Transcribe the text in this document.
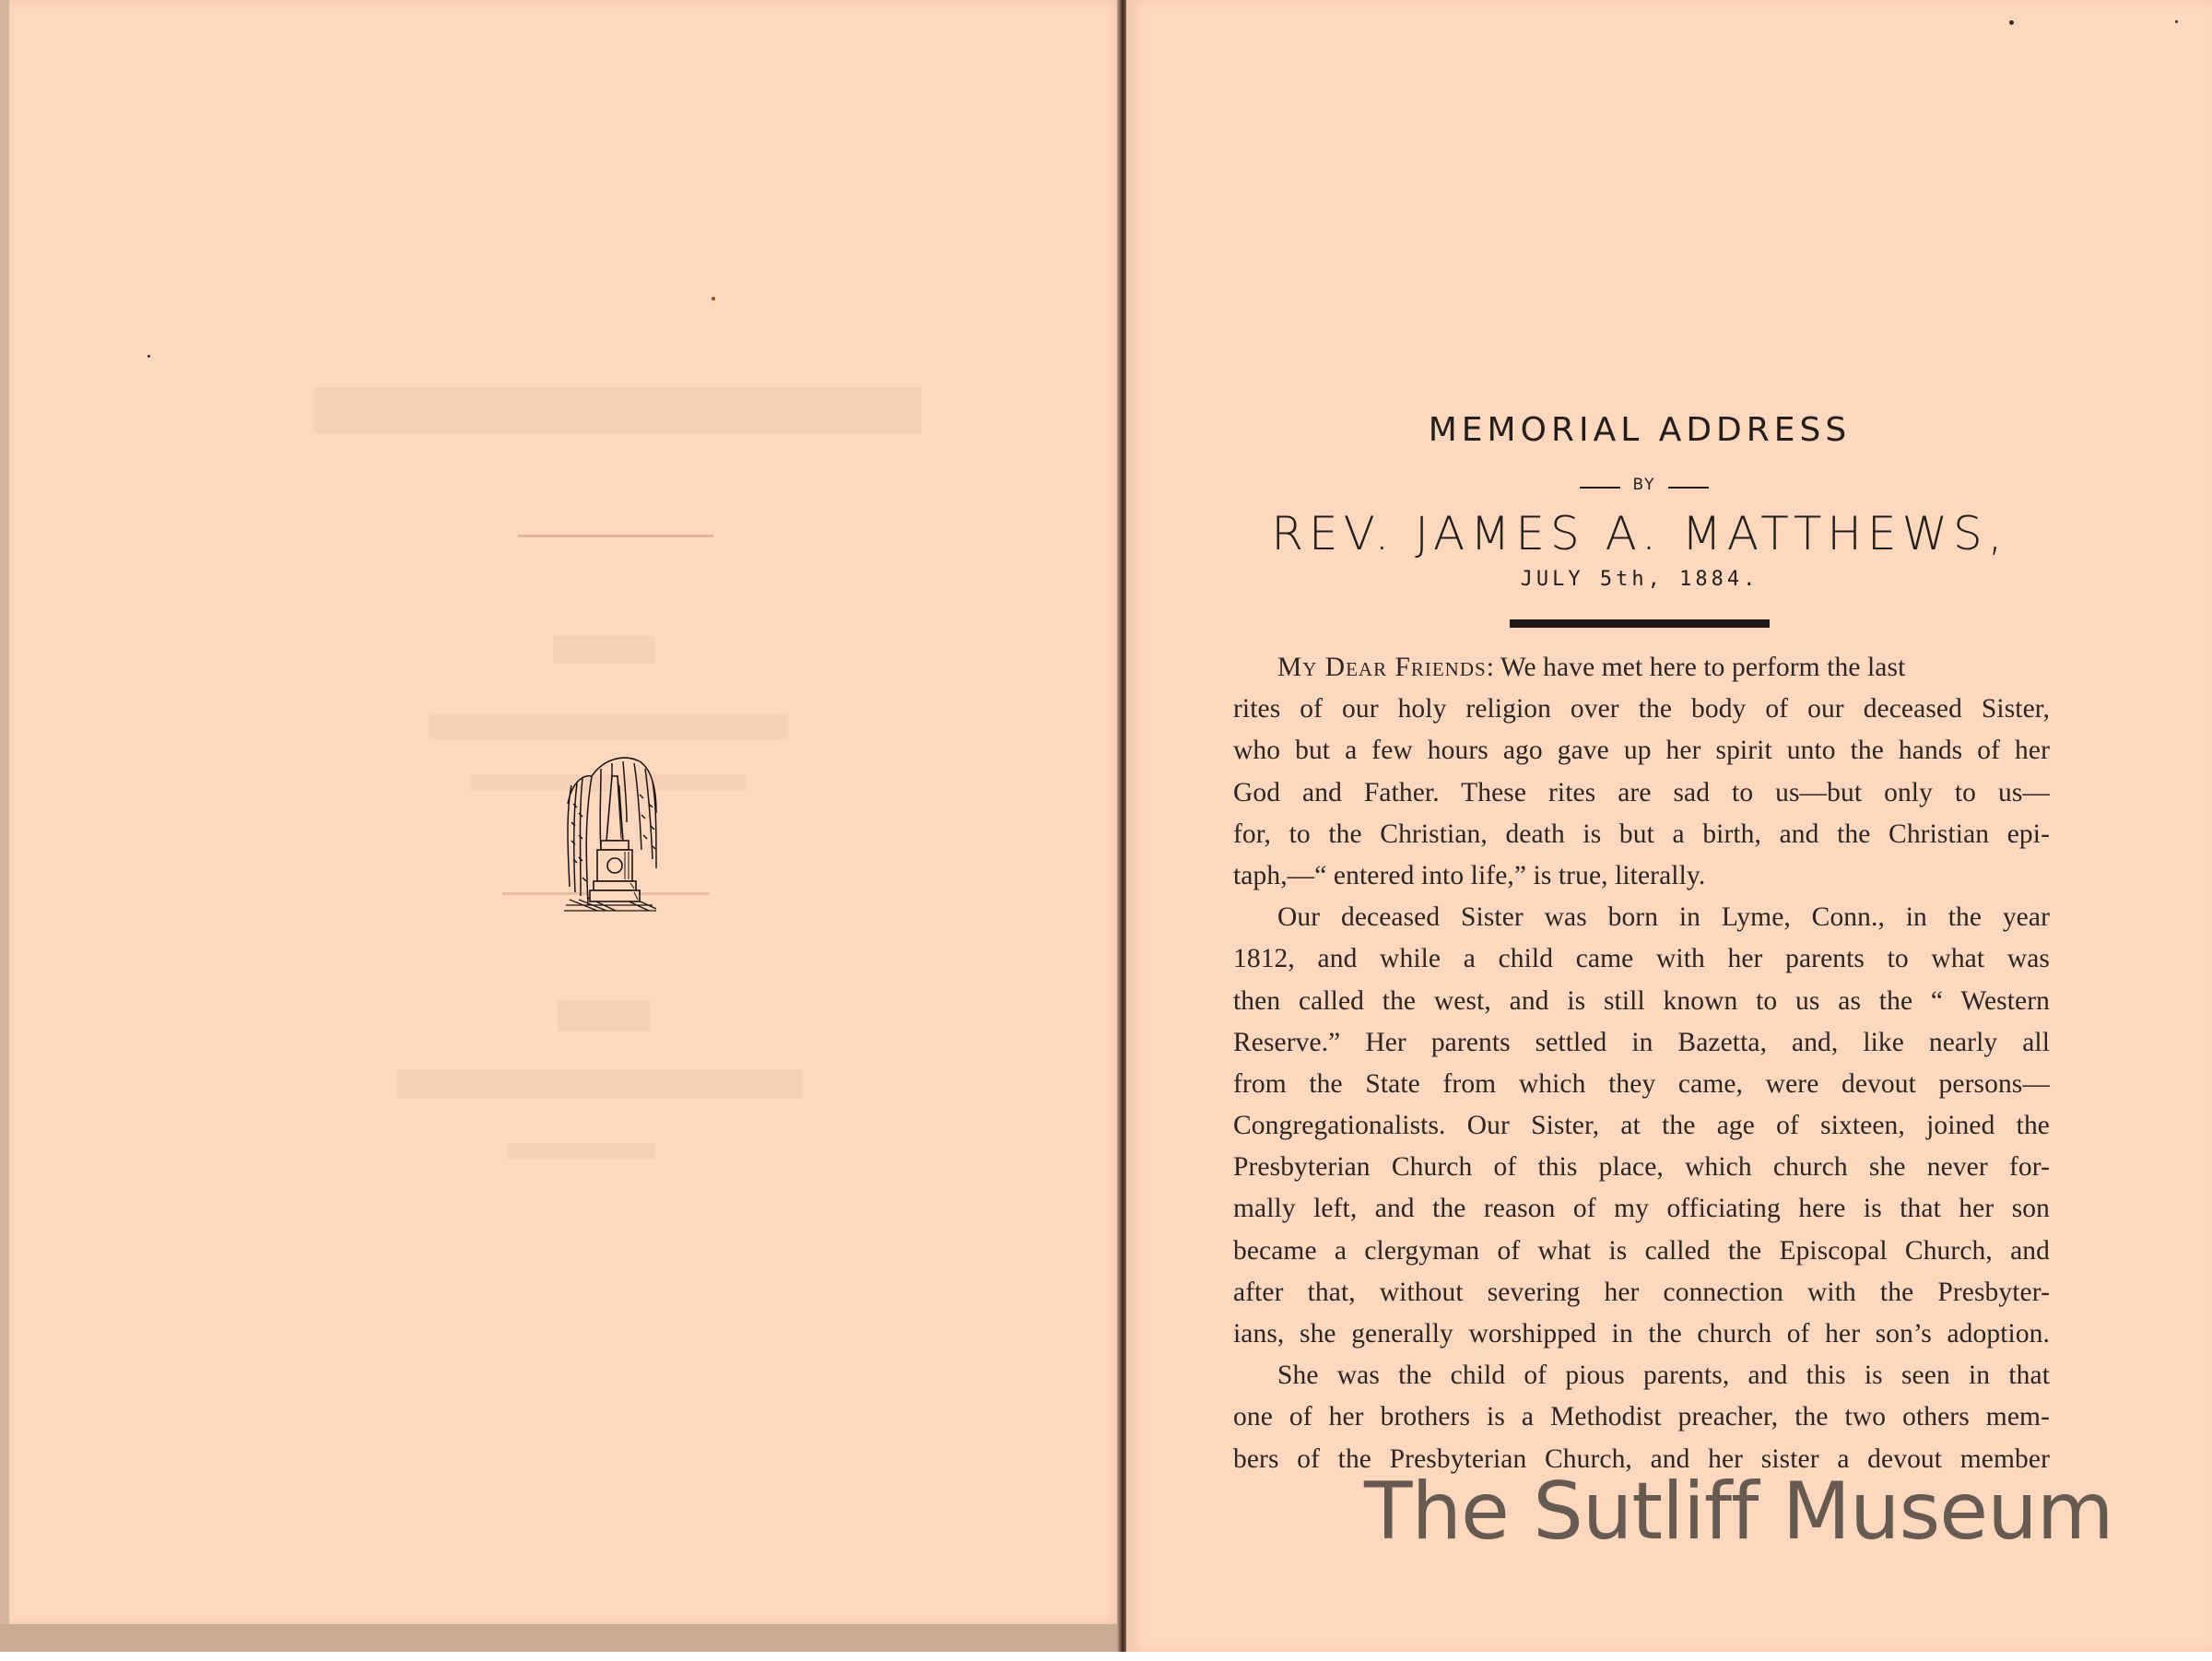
MEMORIAL ADDRESS
BY
REV. JAMES A. MATTHEWS,
JULY 5th, 1884.
My Dear Friends: We have met here to perform the last
rites of our holy religion over the body of our deceased Sister,
who but a few hours ago gave up her spirit unto the hands of her
God and Father. These rites are sad to us—but only to us—
for, to the Christian, death is but a birth, and the Christian epi-
taph,—“ entered into life,” is true, literally.
Our deceased Sister was born in Lyme, Conn., in the year
1812, and while a child came with her parents to what was
then called the west, and is still known to us as the “ Western
Reserve.” Her parents settled in Bazetta, and, like nearly all
from the State from which they came, were devout persons—
Congregationalists. Our Sister, at the age of sixteen, joined the
Presbyterian Church of this place, which church she never for-
mally left, and the reason of my officiating here is that her son
became a clergyman of what is called the Episcopal Church, and
after that, without severing her connection with the Presbyter-
ians, she generally worshipped in the church of her son’s adoption.
She was the child of pious parents, and this is seen in that
one of her brothers is a Methodist preacher, the two others mem-
bers of the Presbyterian Church, and her sister a devout member
The Sutliff Museum
